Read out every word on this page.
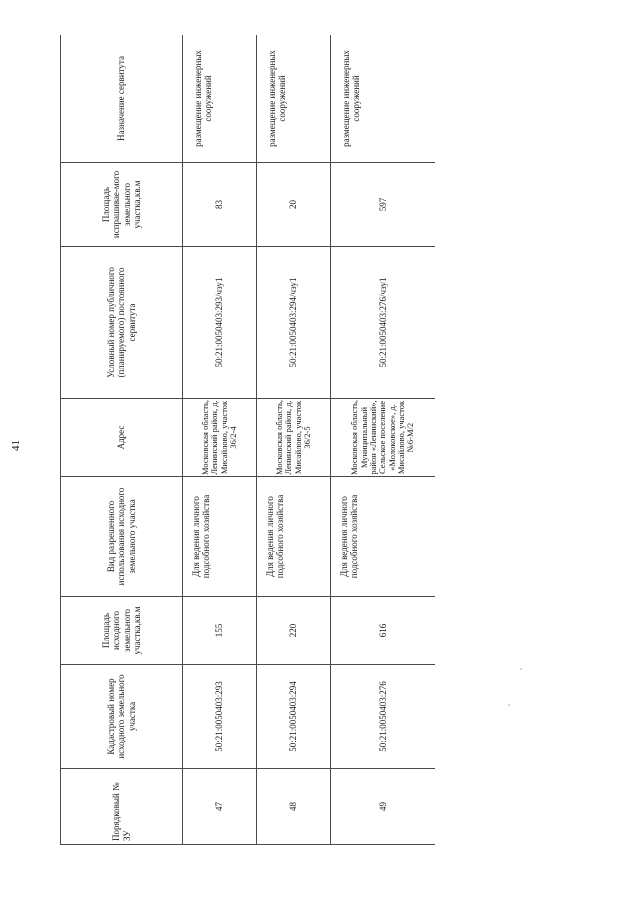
41
Порядковый № ЗУ	Кадастровый номер исходного земельного участка	Площадь исходного земельного участка,кв.м	Вид разрешенного использования исходного земельного участка	Адрес	Условный номер публичного (планируемого) постоянного сервитута	Площадь испрашивае-мого земельного участка,кв.м	Назначение сервитута
47	50:21:0050403:293	155	Для ведения личного подсобного хозяйства	Московская область, Ленинский район, д. Мисайлово, участок 36/2-4	50:21:0050403:293/чзу1	83	размещение инженерных сооружений
48	50:21:0050403:294	220	Для ведения личного подсобного хозяйства	Московская область, Ленинский район, д. Мисайлово, участок 36/2-5	50:21:0050403:294/чзу1	20	размещение инженерных сооружений
49	50:21:0050403:276	616	Для ведения личного подсобного хозяйства	Московская область, Муниципальный район «Ленинский», Сельское поселение «Молоковское», д. Мисайлово, участок №6-М/2	50:21:0050403:276/чзу1	597	размещение инженерных сооружений
